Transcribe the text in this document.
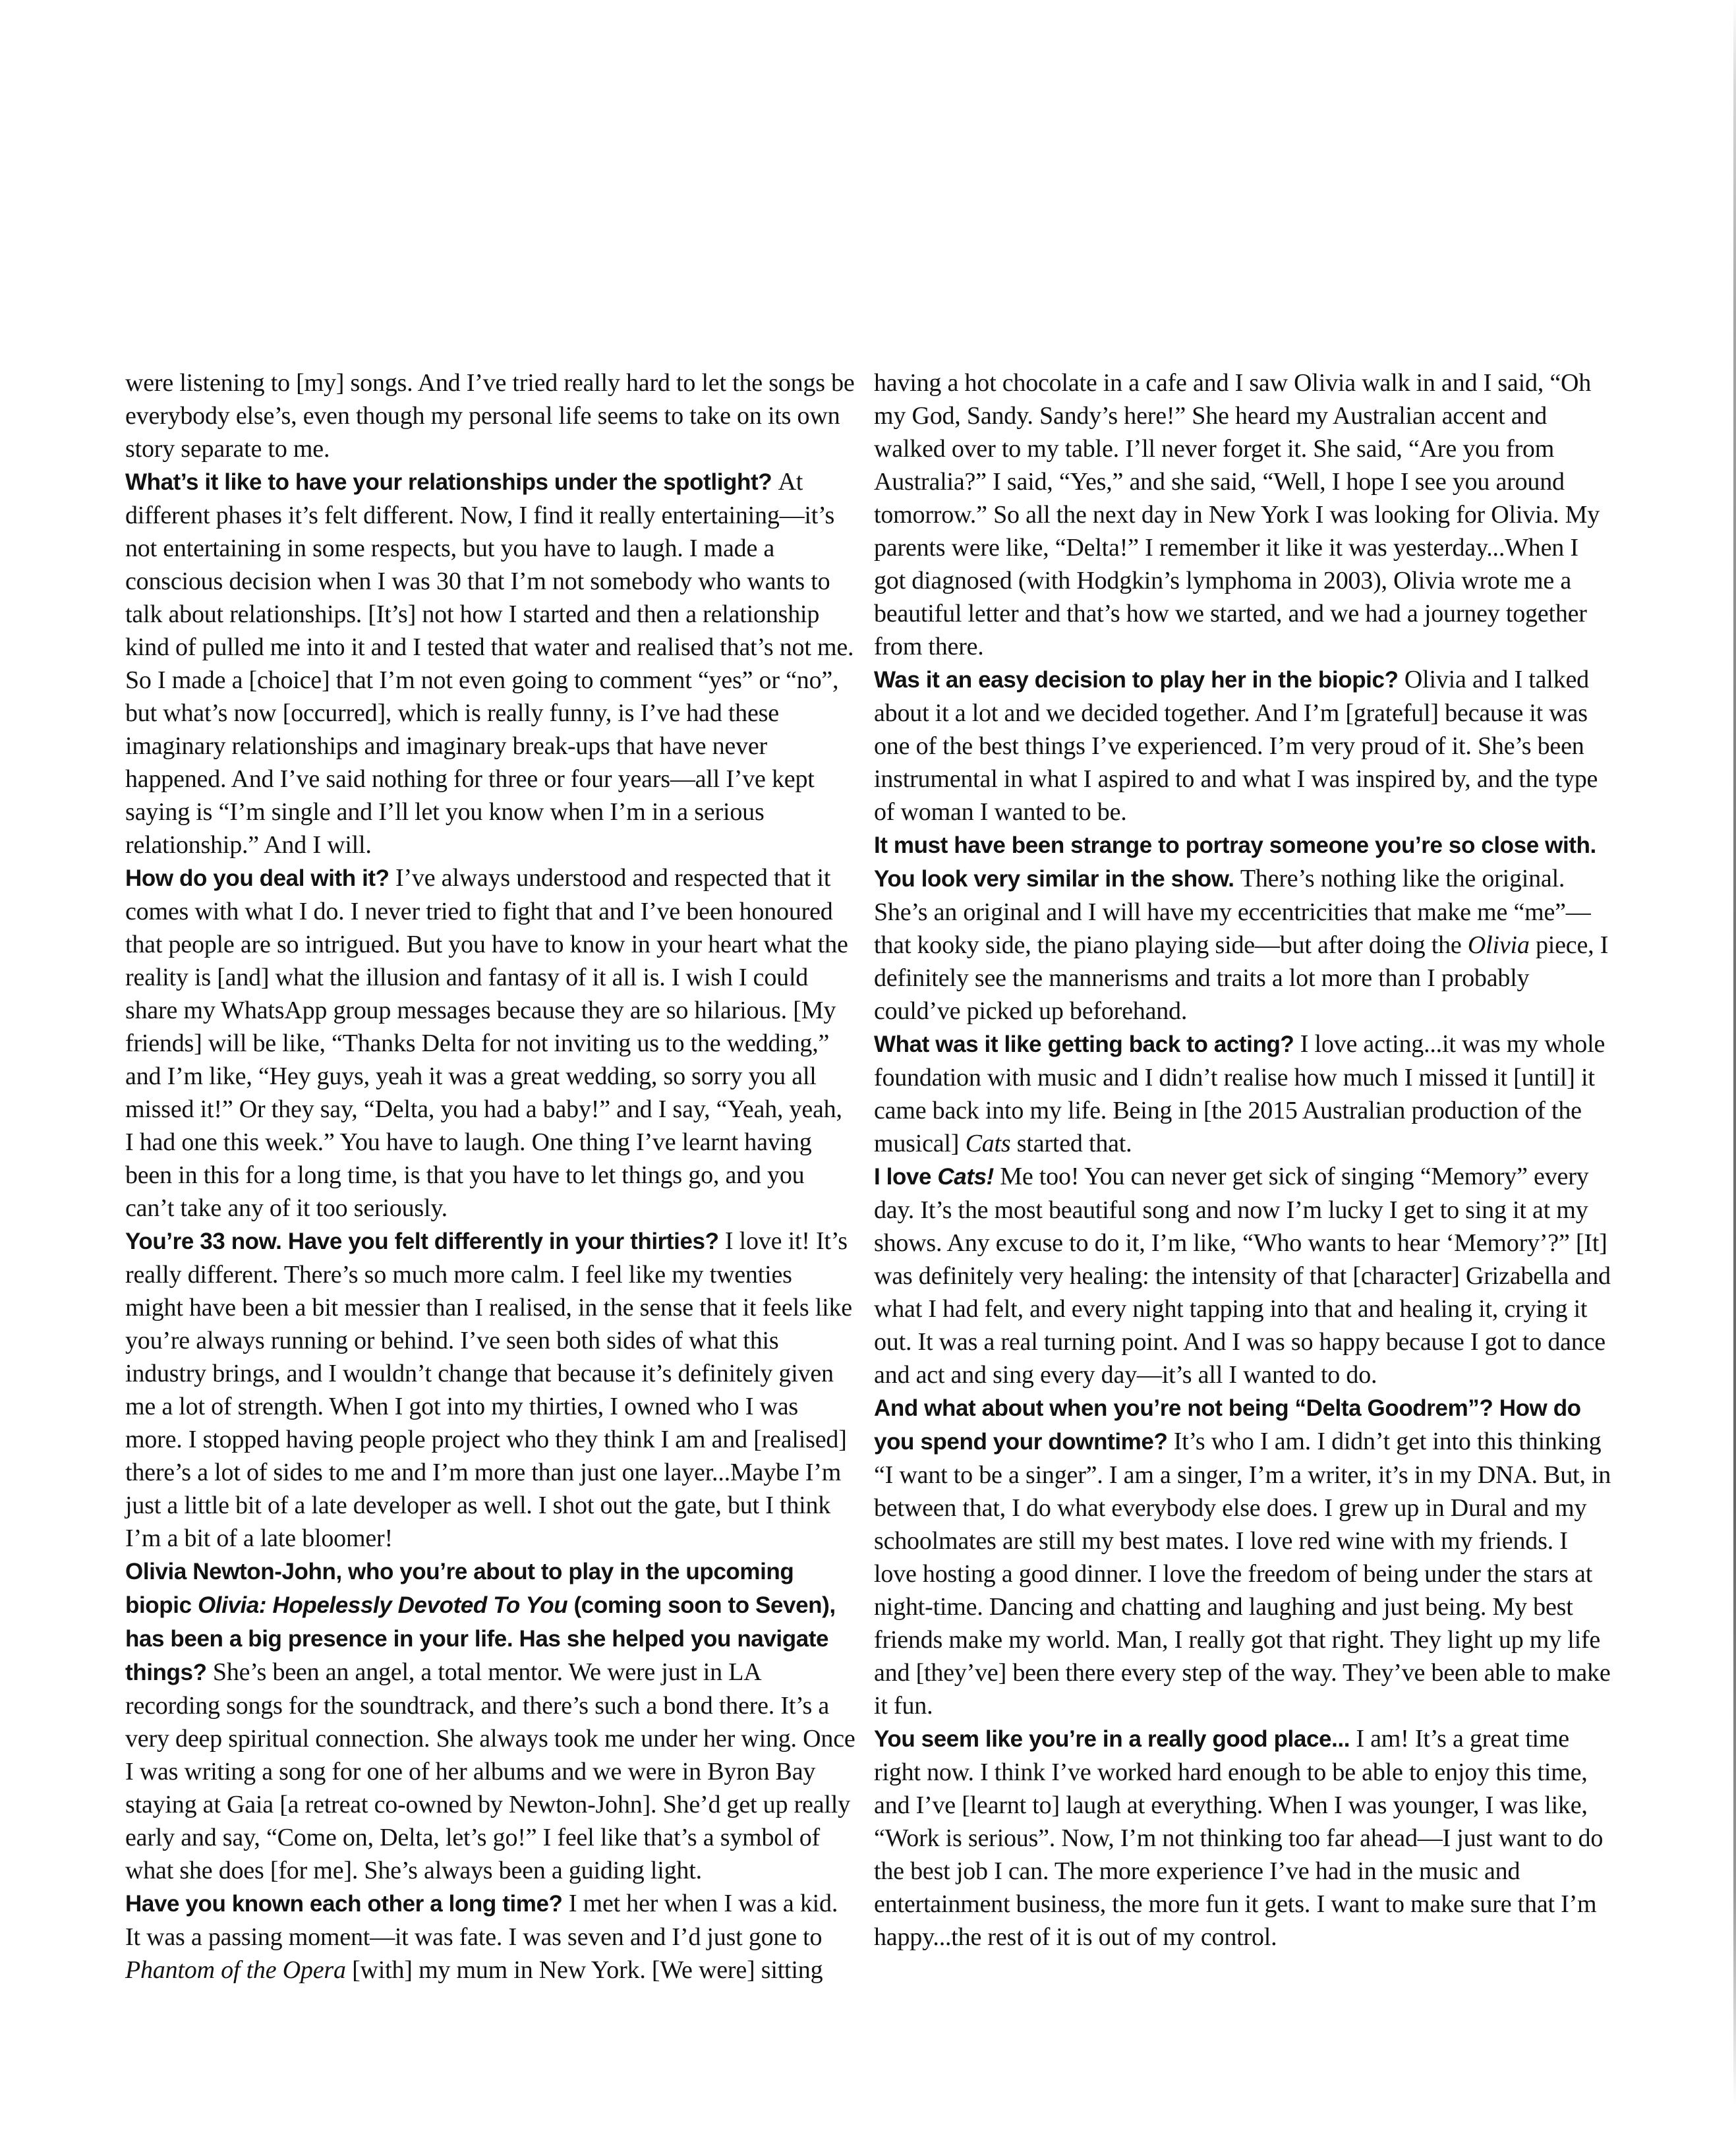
were listening to [my] songs. And I’ve tried really hard to let the songs be everybody else’s, even though my personal life seems to take on its own story separate to me.

What’s it like to have your relationships under the spotlight? At different phases it’s felt different. Now, I find it really entertaining—it’s not entertaining in some respects, but you have to laugh. I made a conscious decision when I was 30 that I’m not somebody who wants to talk about relationships. [It’s] not how I started and then a relationship kind of pulled me into it and I tested that water and realised that’s not me. So I made a [choice] that I’m not even going to comment “yes” or “no”, but what’s now [occurred], which is really funny, is I’ve had these imaginary relationships and imaginary break-ups that have never happened. And I’ve said nothing for three or four years—all I’ve kept saying is “I’m single and I’ll let you know when I’m in a serious relationship.” And I will.

How do you deal with it? I’ve always understood and respected that it comes with what I do. I never tried to fight that and I’ve been honoured that people are so intrigued. But you have to know in your heart what the reality is [and] what the illusion and fantasy of it all is. I wish I could share my WhatsApp group messages because they are so hilarious. [My friends] will be like, “Thanks Delta for not inviting us to the wedding,” and I’m like, “Hey guys, yeah it was a great wedding, so sorry you all missed it!” Or they say, “Delta, you had a baby!” and I say, “Yeah, yeah, I had one this week.” You have to laugh. One thing I’ve learnt having been in this for a long time, is that you have to let things go, and you can’t take any of it too seriously.

You’re 33 now. Have you felt differently in your thirties? I love it! It’s really different. There’s so much more calm. I feel like my twenties might have been a bit messier than I realised, in the sense that it feels like you’re always running or behind. I’ve seen both sides of what this industry brings, and I wouldn’t change that because it’s definitely given me a lot of strength. When I got into my thirties, I owned who I was more. I stopped having people project who they think I am and [realised] there’s a lot of sides to me and I’m more than just one layer...Maybe I’m just a little bit of a late developer as well. I shot out the gate, but I think I’m a bit of a late bloomer!

Olivia Newton-John, who you’re about to play in the upcoming biopic Olivia: Hopelessly Devoted To You (coming soon to Seven), has been a big presence in your life. Has she helped you navigate things? She’s been an angel, a total mentor. We were just in LA recording songs for the soundtrack, and there’s such a bond there. It’s a very deep spiritual connection. She always took me under her wing. Once I was writing a song for one of her albums and we were in Byron Bay staying at Gaia [a retreat co-owned by Newton-John]. She’d get up really early and say, “Come on, Delta, let’s go!” I feel like that’s a symbol of what she does [for me]. She’s always been a guiding light.

Have you known each other a long time? I met her when I was a kid. It was a passing moment—it was fate. I was seven and I’d just gone to Phantom of the Opera [with] my mum in New York. [We were] sitting

having a hot chocolate in a cafe and I saw Olivia walk in and I said, “Oh my God, Sandy. Sandy’s here!” She heard my Australian accent and walked over to my table. I’ll never forget it. She said, “Are you from Australia?” I said, “Yes,” and she said, “Well, I hope I see you around tomorrow.” So all the next day in New York I was looking for Olivia. My parents were like, “Delta!” I remember it like it was yesterday...When I got diagnosed (with Hodgkin’s lymphoma in 2003), Olivia wrote me a beautiful letter and that’s how we started, and we had a journey together from there.

Was it an easy decision to play her in the biopic? Olivia and I talked about it a lot and we decided together. And I’m [grateful] because it was one of the best things I’ve experienced. I’m very proud of it. She’s been instrumental in what I aspired to and what I was inspired by, and the type of woman I wanted to be.

It must have been strange to portray someone you’re so close with. You look very similar in the show. There’s nothing like the original. She’s an original and I will have my eccentricities that make me “me”—that kooky side, the piano playing side—but after doing the Olivia piece, I definitely see the mannerisms and traits a lot more than I probably could’ve picked up beforehand.

What was it like getting back to acting? I love acting...it was my whole foundation with music and I didn’t realise how much I missed it [until] it came back into my life. Being in [the 2015 Australian production of the musical] Cats started that.

I love Cats! Me too! You can never get sick of singing “Memory” every day. It’s the most beautiful song and now I’m lucky I get to sing it at my shows. Any excuse to do it, I’m like, “Who wants to hear ‘Memory’?” [It] was definitely very healing: the intensity of that [character] Grizabella and what I had felt, and every night tapping into that and healing it, crying it out. It was a real turning point. And I was so happy because I got to dance and act and sing every day—it’s all I wanted to do.

And what about when you’re not being “Delta Goodrem”? How do you spend your downtime? It’s who I am. I didn’t get into this thinking “I want to be a singer”. I am a singer, I’m a writer, it’s in my DNA. But, in between that, I do what everybody else does. I grew up in Dural and my schoolmates are still my best mates. I love red wine with my friends. I love hosting a good dinner. I love the freedom of being under the stars at night-time. Dancing and chatting and laughing and just being. My best friends make my world. Man, I really got that right. They light up my life and [they’ve] been there every step of the way. They’ve been able to make it fun.

You seem like you’re in a really good place... I am! It’s a great time right now. I think I’ve worked hard enough to be able to enjoy this time, and I’ve [learnt to] laugh at everything. When I was younger, I was like, “Work is serious”. Now, I’m not thinking too far ahead—I just want to do the best job I can. The more experience I’ve had in the music and entertainment business, the more fun it gets. I want to make sure that I’m happy...the rest of it is out of my control.
